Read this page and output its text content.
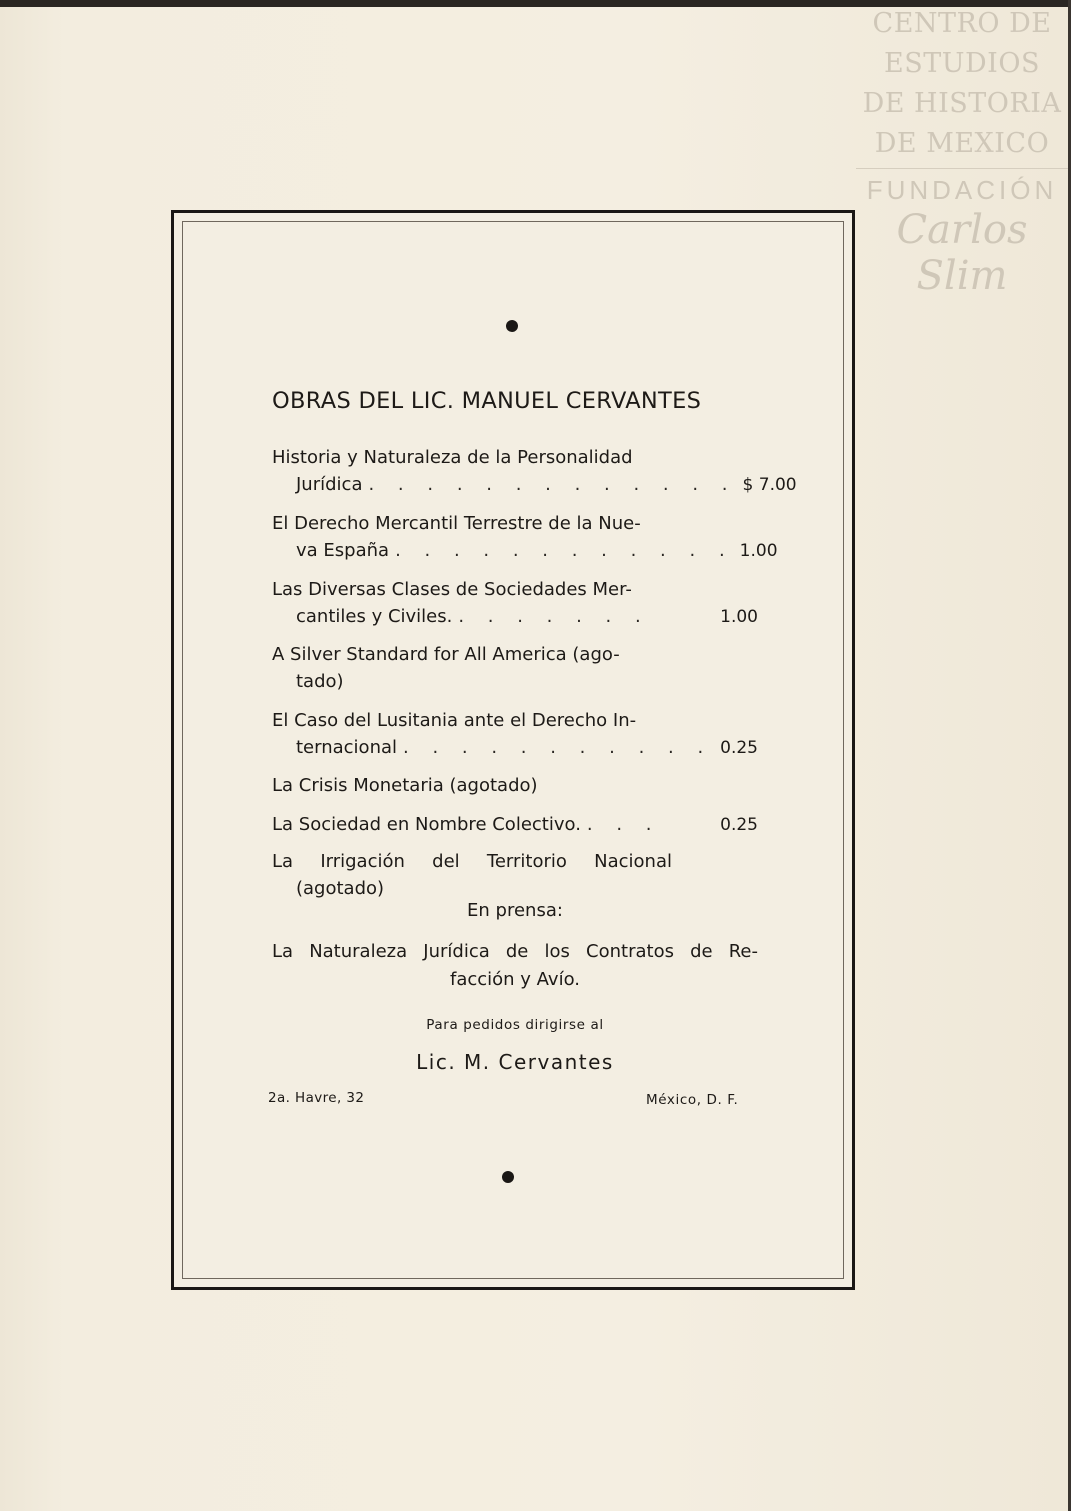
CENTRO DE
ESTUDIOS
DE HISTORIA
DE MEXICO
FUNDACIÓN
Carlos Slim
OBRAS DEL LIC. MANUEL CERVANTES
Historia y Naturaleza de la Personalidad
Jurídica . . . . . . . . . . . . . $ 7.00
El Derecho Mercantil Terrestre de la Nue-
va España . . . . . . . . . . . . 1.00
Las Diversas Clases de Sociedades Mer-
cantiles y Civiles. . . . . . . .	1.00
A Silver Standard for All America (ago-
tado)
El Caso del Lusitania ante el Derecho In-
ternacional . . . . . . . . . . . 0.25
La Crisis Monetaria (agotado)
La Sociedad en Nombre Colectivo. . . .	0.25
La Irrigación del Territorio Nacional
(agotado)
En prensa:
La Naturaleza Jurídica de los Contratos de Re-
facción y Avío.
Para pedidos dirigirse al
Lic. M. Cervantes
2a. Havre, 32	México, D. F.
